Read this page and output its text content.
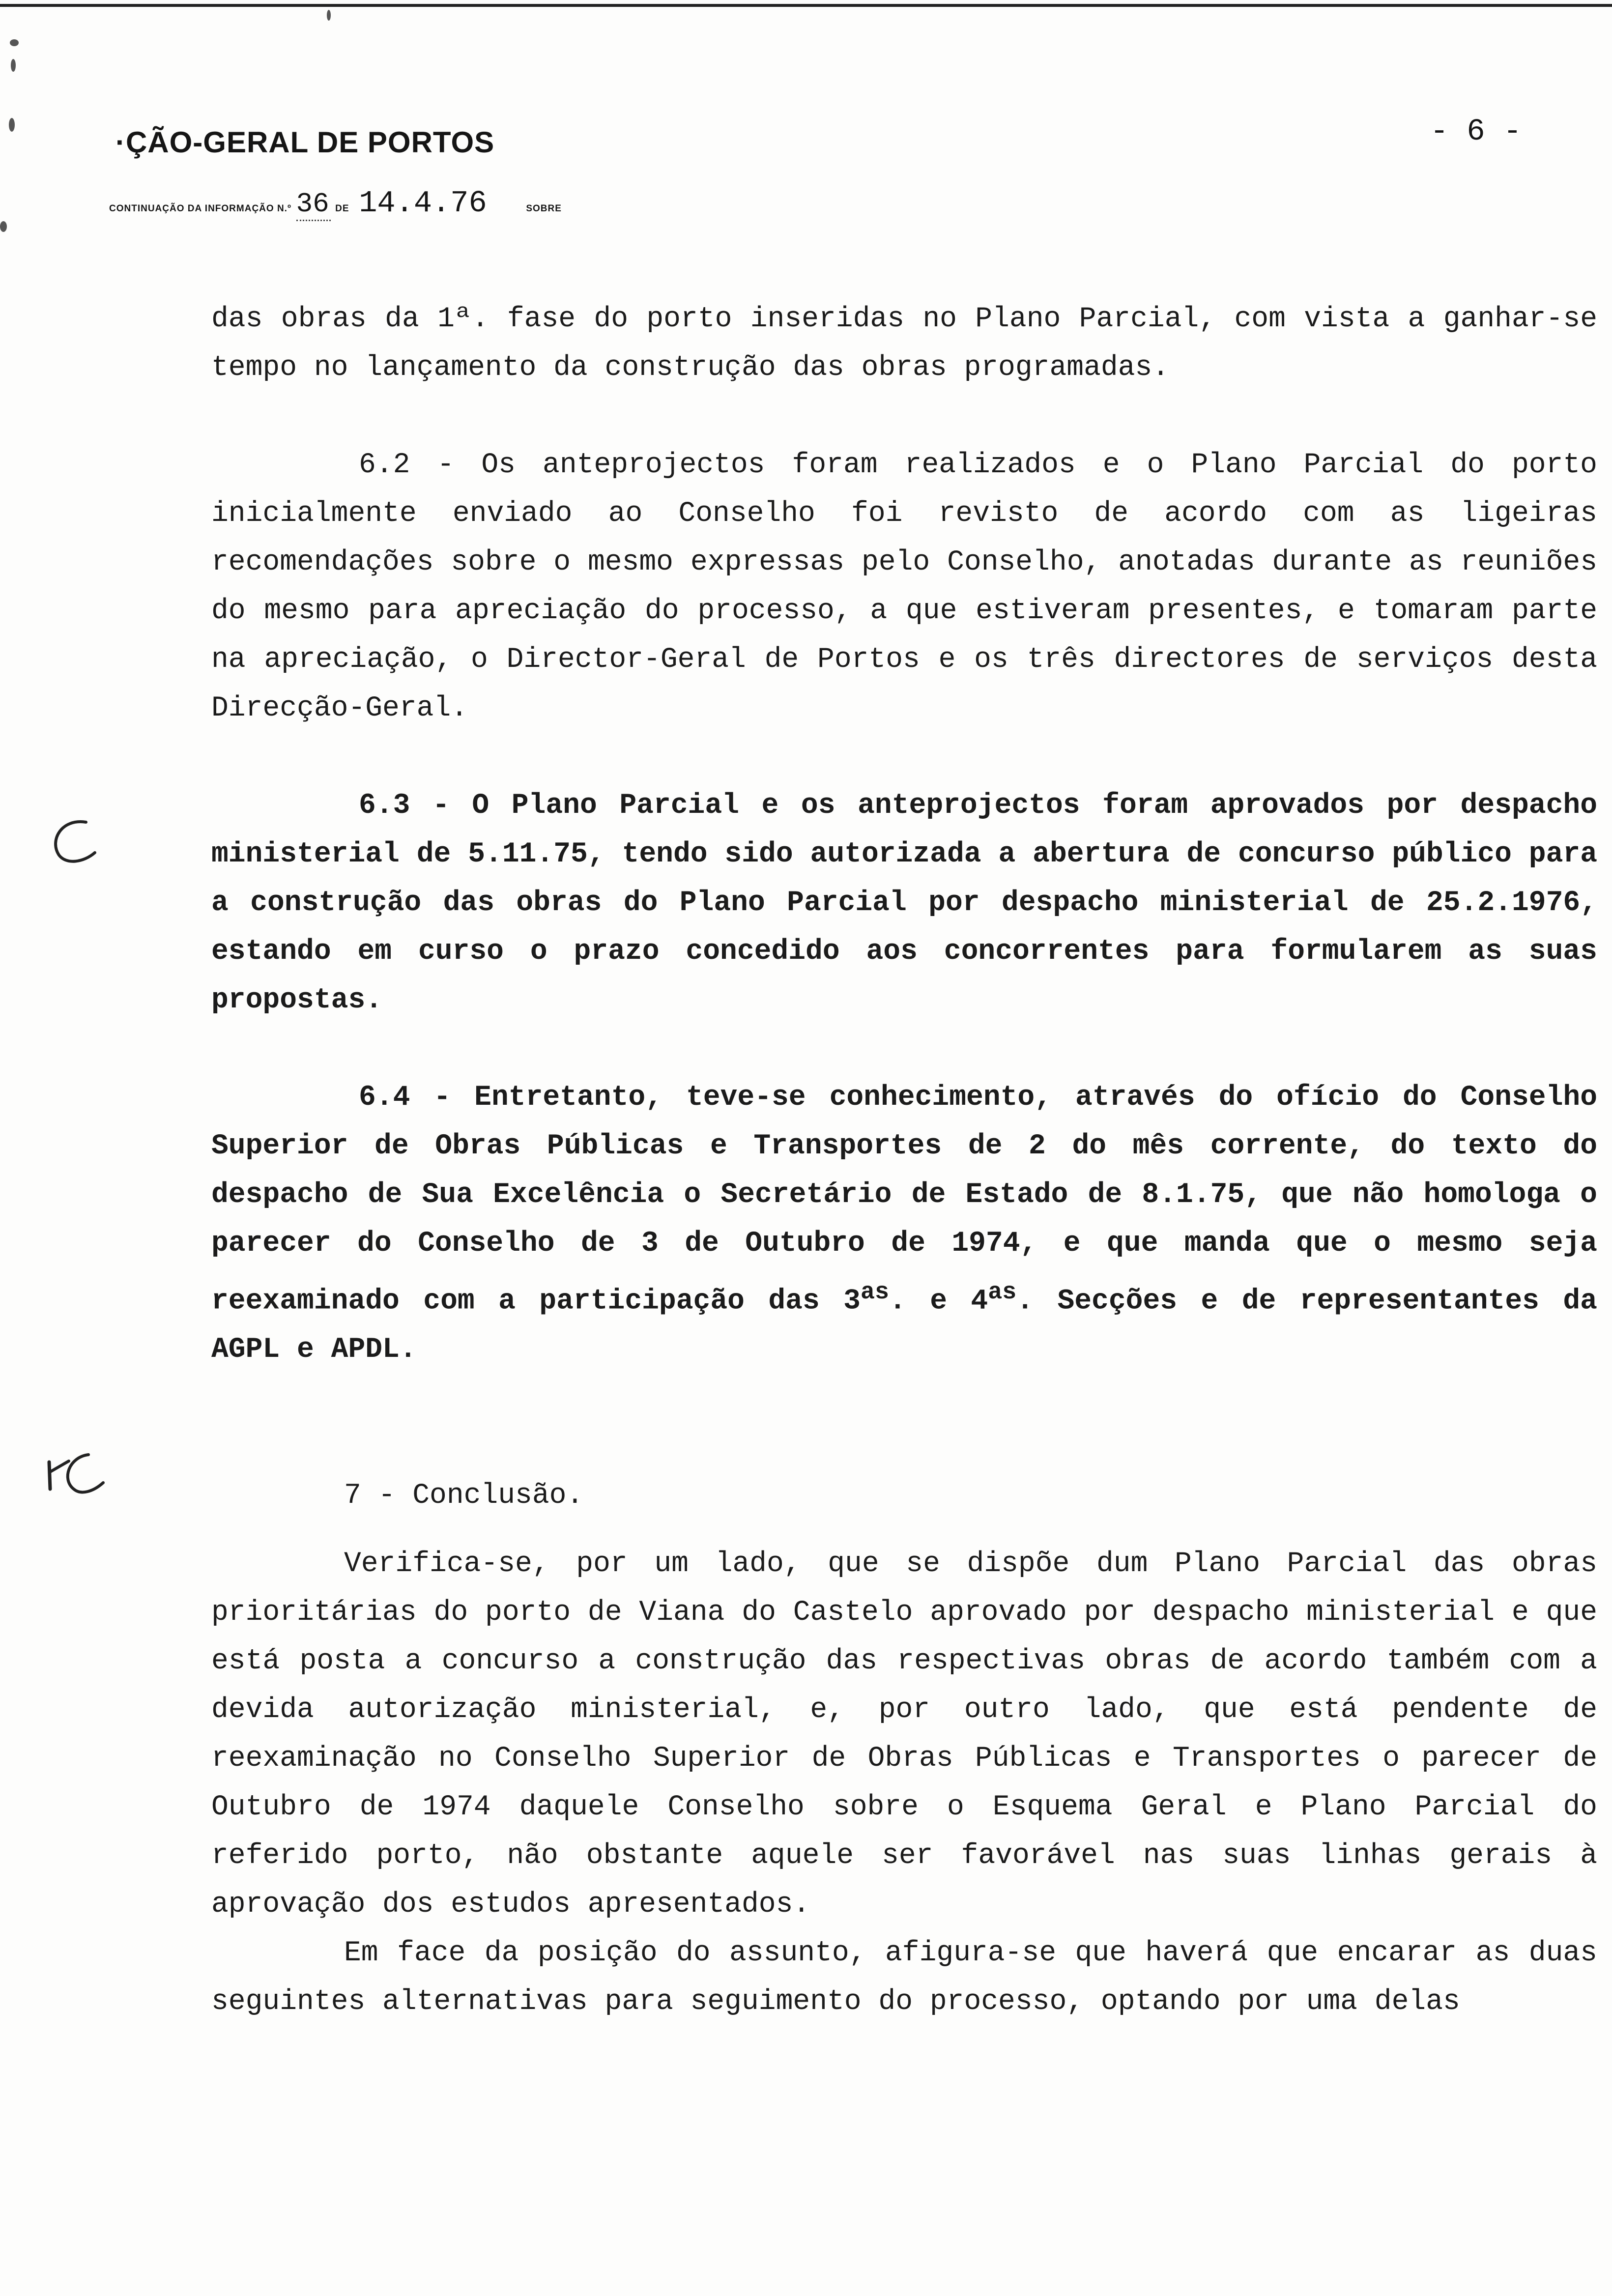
·ÇÃO-GERAL DE PORTOS	- 6 -
CONTINUAÇÃO DA INFORMAÇÃO N.º 36 DE 14.4.76	SOBRE

das obras da 1ª. fase do porto inseridas no Plano Parcial, com vista a ganhar-se tempo no lançamento da construção das obras programadas.

6.2 - Os anteprojectos foram realizados e o Plano Parcial do porto inicialmente enviado ao Conselho foi revisto de acordo com as ligeiras recomendações sobre o mesmo expressas pelo Conselho, anotadas durante as reuniões do mesmo para apreciação do processo, a que estiveram presentes, e tomaram parte na apreciação, o Director-Geral de Portos e os três directores de serviços desta Direcção-Geral.

6.3 - O Plano Parcial e os anteprojectos foram aprovados por despacho ministerial de 5.11.75, tendo sido autorizada a abertura de concurso público para a construção das obras do Plano Parcial por despacho ministerial de 25.2.1976, estando em curso o prazo concedido aos concorrentes para formularem as suas propostas.

6.4 - Entretanto, teve-se conhecimento, através do ofício do Conselho Superior de Obras Públicas e Transportes de 2 do mês corrente, do texto do despacho de Sua Excelência o Secretário de Estado de 8.1.75, que não homologa o parecer do Conselho de 3 de Outubro de 1974, e que manda que o mesmo seja reexaminado com a participação das $3^{as}$. e $4^{as}$. Secções e de representantes da AGPL e APDL.

7 - Conclusão.

Verifica-se, por um lado, que se dispõe dum Plano Parcial das obras prioritárias do porto de Viana do Castelo aprovado por despacho ministerial e que está posta a concurso a construção das respectivas obras de acordo também com a devida autorização ministerial, e, por outro lado, que está pendente de reexaminação no Conselho Superior de Obras Públicas e Transportes o parecer de Outubro de 1974 daquele Conselho sobre o Esquema Geral e Plano Parcial do referido porto, não obstante aquele ser favorável nas suas linhas gerais à aprovação dos estudos apresentados.

Em face da posição do assunto, afigura-se que haverá que encarar as duas seguintes alternativas para seguimento do processo, optando por uma delas
